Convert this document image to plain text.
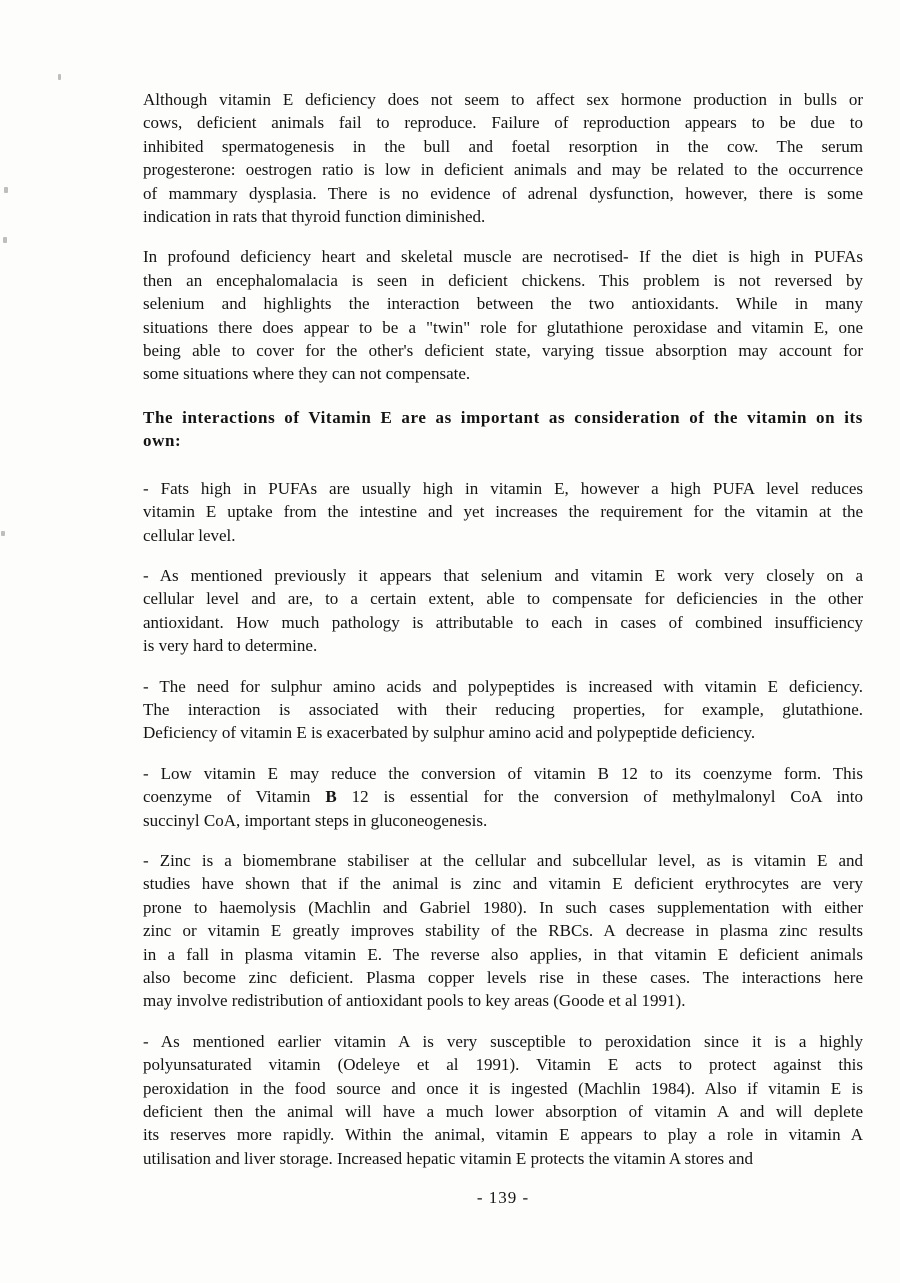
Although vitamin E deficiency does not seem to affect sex hormone production in bulls or
cows, deficient animals fail to reproduce. Failure of reproduction appears to be due to
inhibited spermatogenesis in the bull and foetal resorption in the cow. The serum
progesterone: oestrogen ratio is low in deficient animals and may be related to the occurrence
of mammary dysplasia. There is no evidence of adrenal dysfunction, however, there is some
indication in rats that thyroid function diminished.
In profound deficiency heart and skeletal muscle are necrotised- If the diet is high in PUFAs
then an encephalomalacia is seen in deficient chickens. This problem is not reversed by
selenium and highlights the interaction between the two antioxidants. While in many
situations there does appear to be a "twin" role for glutathione peroxidase and vitamin E, one
being able to cover for the other's deficient state, varying tissue absorption may account for
some situations where they can not compensate.
The interactions of Vitamin E are as important as consideration of the vitamin on its
own:
- Fats high in PUFAs are usually high in vitamin E, however a high PUFA level reduces
vitamin E uptake from the intestine and yet increases the requirement for the vitamin at the
cellular level.
- As mentioned previously it appears that selenium and vitamin E work very closely on a
cellular level and are, to a certain extent, able to compensate for deficiencies in the other
antioxidant. How much pathology is attributable to each in cases of combined insufficiency
is very hard to determine.
- The need for sulphur amino acids and polypeptides is increased with vitamin E deficiency.
The interaction is associated with their reducing properties, for example, glutathione.
Deficiency of vitamin E is exacerbated by sulphur amino acid and polypeptide deficiency.
- Low vitamin E may reduce the conversion of vitamin B 12 to its coenzyme form. This
coenzyme of Vitamin B 12 is essential for the conversion of methylmalonyl CoA into
succinyl CoA, important steps in gluconeogenesis.
- Zinc is a biomembrane stabiliser at the cellular and subcellular level, as is vitamin E and
studies have shown that if the animal is zinc and vitamin E deficient erythrocytes are very
prone to haemolysis (Machlin and Gabriel 1980). In such cases supplementation with either
zinc or vitamin E greatly improves stability of the RBCs. A decrease in plasma zinc results
in a fall in plasma vitamin E. The reverse also applies, in that vitamin E deficient animals
also become zinc deficient. Plasma copper levels rise in these cases. The interactions here
may involve redistribution of antioxidant pools to key areas (Goode et al 1991).
- As mentioned earlier vitamin A is very susceptible to peroxidation since it is a highly
polyunsaturated vitamin (Odeleye et al 1991). Vitamin E acts to protect against this
peroxidation in the food source and once it is ingested (Machlin 1984). Also if vitamin E is
deficient then the animal will have a much lower absorption of vitamin A and will deplete
its reserves more rapidly. Within the animal, vitamin E appears to play a role in vitamin A
utilisation and liver storage. Increased hepatic vitamin E protects the vitamin A stores and
- 139 -
